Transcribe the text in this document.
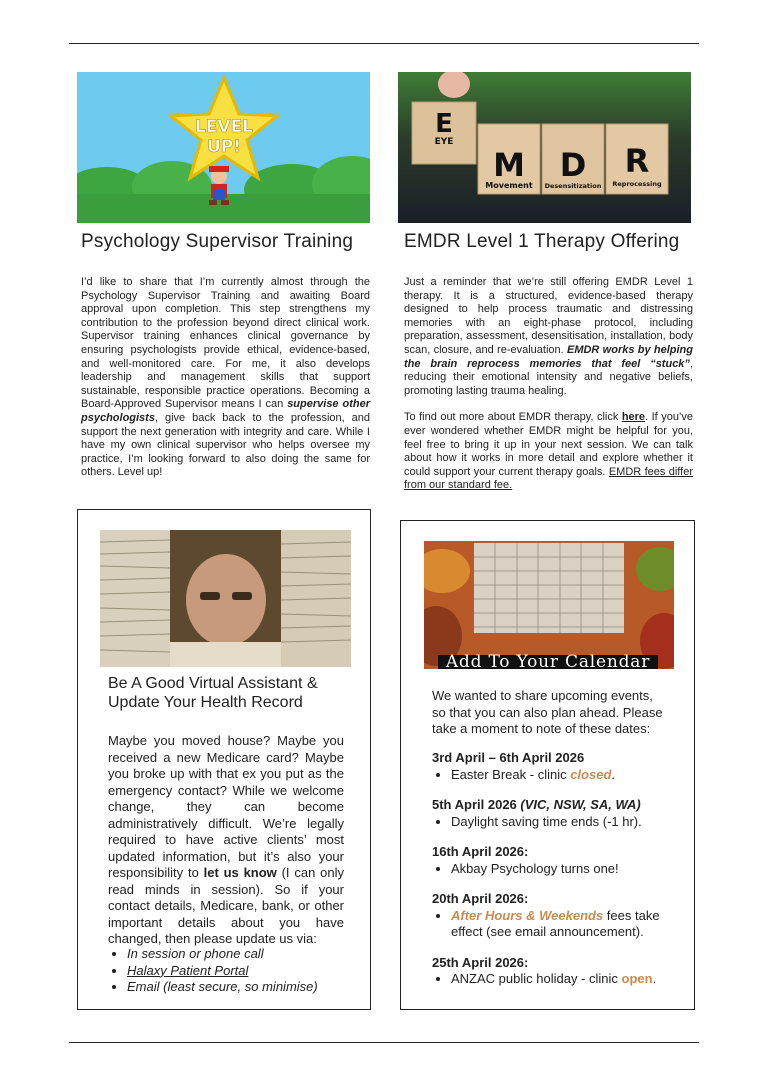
LEVEL
UP!
Psychology Supervisor Training

I’d like to share that I’m currently almost through the Psychology Supervisor Training and awaiting Board approval upon completion. This step strengthens my contribution to the profession beyond direct clinical work. Supervisor training enhances clinical governance by ensuring psychologists provide ethical, evidence-based, and well-monitored care. For me, it also develops leadership and management skills that support sustainable, responsible practice operations. Becoming a Board-Approved Supervisor means I can supervise other psychologists, give back back to the profession, and support the next generation with integrity and care. While I have my own clinical supervisor who helps oversee my practice, I’m looking forward to also doing the same for others. Level up!

E
EYE
M
Movement
D
Desensitization
R
Reprocessing
EMDR Level 1 Therapy Offering

Just a reminder that we’re still offering EMDR Level 1 therapy. It is a structured, evidence-based therapy designed to help process traumatic and distressing memories with an eight-phase protocol, including preparation, assessment, desensitisation, installation, body scan, closure, and re-evaluation. EMDR works by helping the brain reprocess memories that feel “stuck”, reducing their emotional intensity and negative beliefs, promoting lasting trauma healing.

To find out more about EMDR therapy, click here. If you’ve ever wondered whether EMDR might be helpful for you, feel free to bring it up in your next session. We can talk about how it works in more detail and explore whether it could support your current therapy goals. EMDR fees differ from our standard fee.

Be A Good Virtual Assistant & Update Your Health Record
Maybe you moved house? Maybe you received a new Medicare card? Maybe you broke up with that ex you put as the emergency contact? While we welcome change, they can become administratively difficult. We’re legally required to have active clients’ most updated information, but it’s also your responsibility to let us know (I can only read minds in session). So if your contact details, Medicare, bank, or other important details about you have changed, then please update us via:
• In session or phone call
• Halaxy Patient Portal
• Email (least secure, so minimise)
Add To Your Calendar
We wanted to share upcoming events, so that you can also plan ahead. Please take a moment to note of these dates:
3rd April – 6th April 2026
• Easter Break - clinic closed.
5th April 2026 (VIC, NSW, SA, WA)
• Daylight saving time ends (-1 hr).
16th April 2026:
• Akbay Psychology turns one!
20th April 2026:
• After Hours & Weekends fees take effect (see email announcement).
25th April 2026:
• ANZAC public holiday - clinic open.
